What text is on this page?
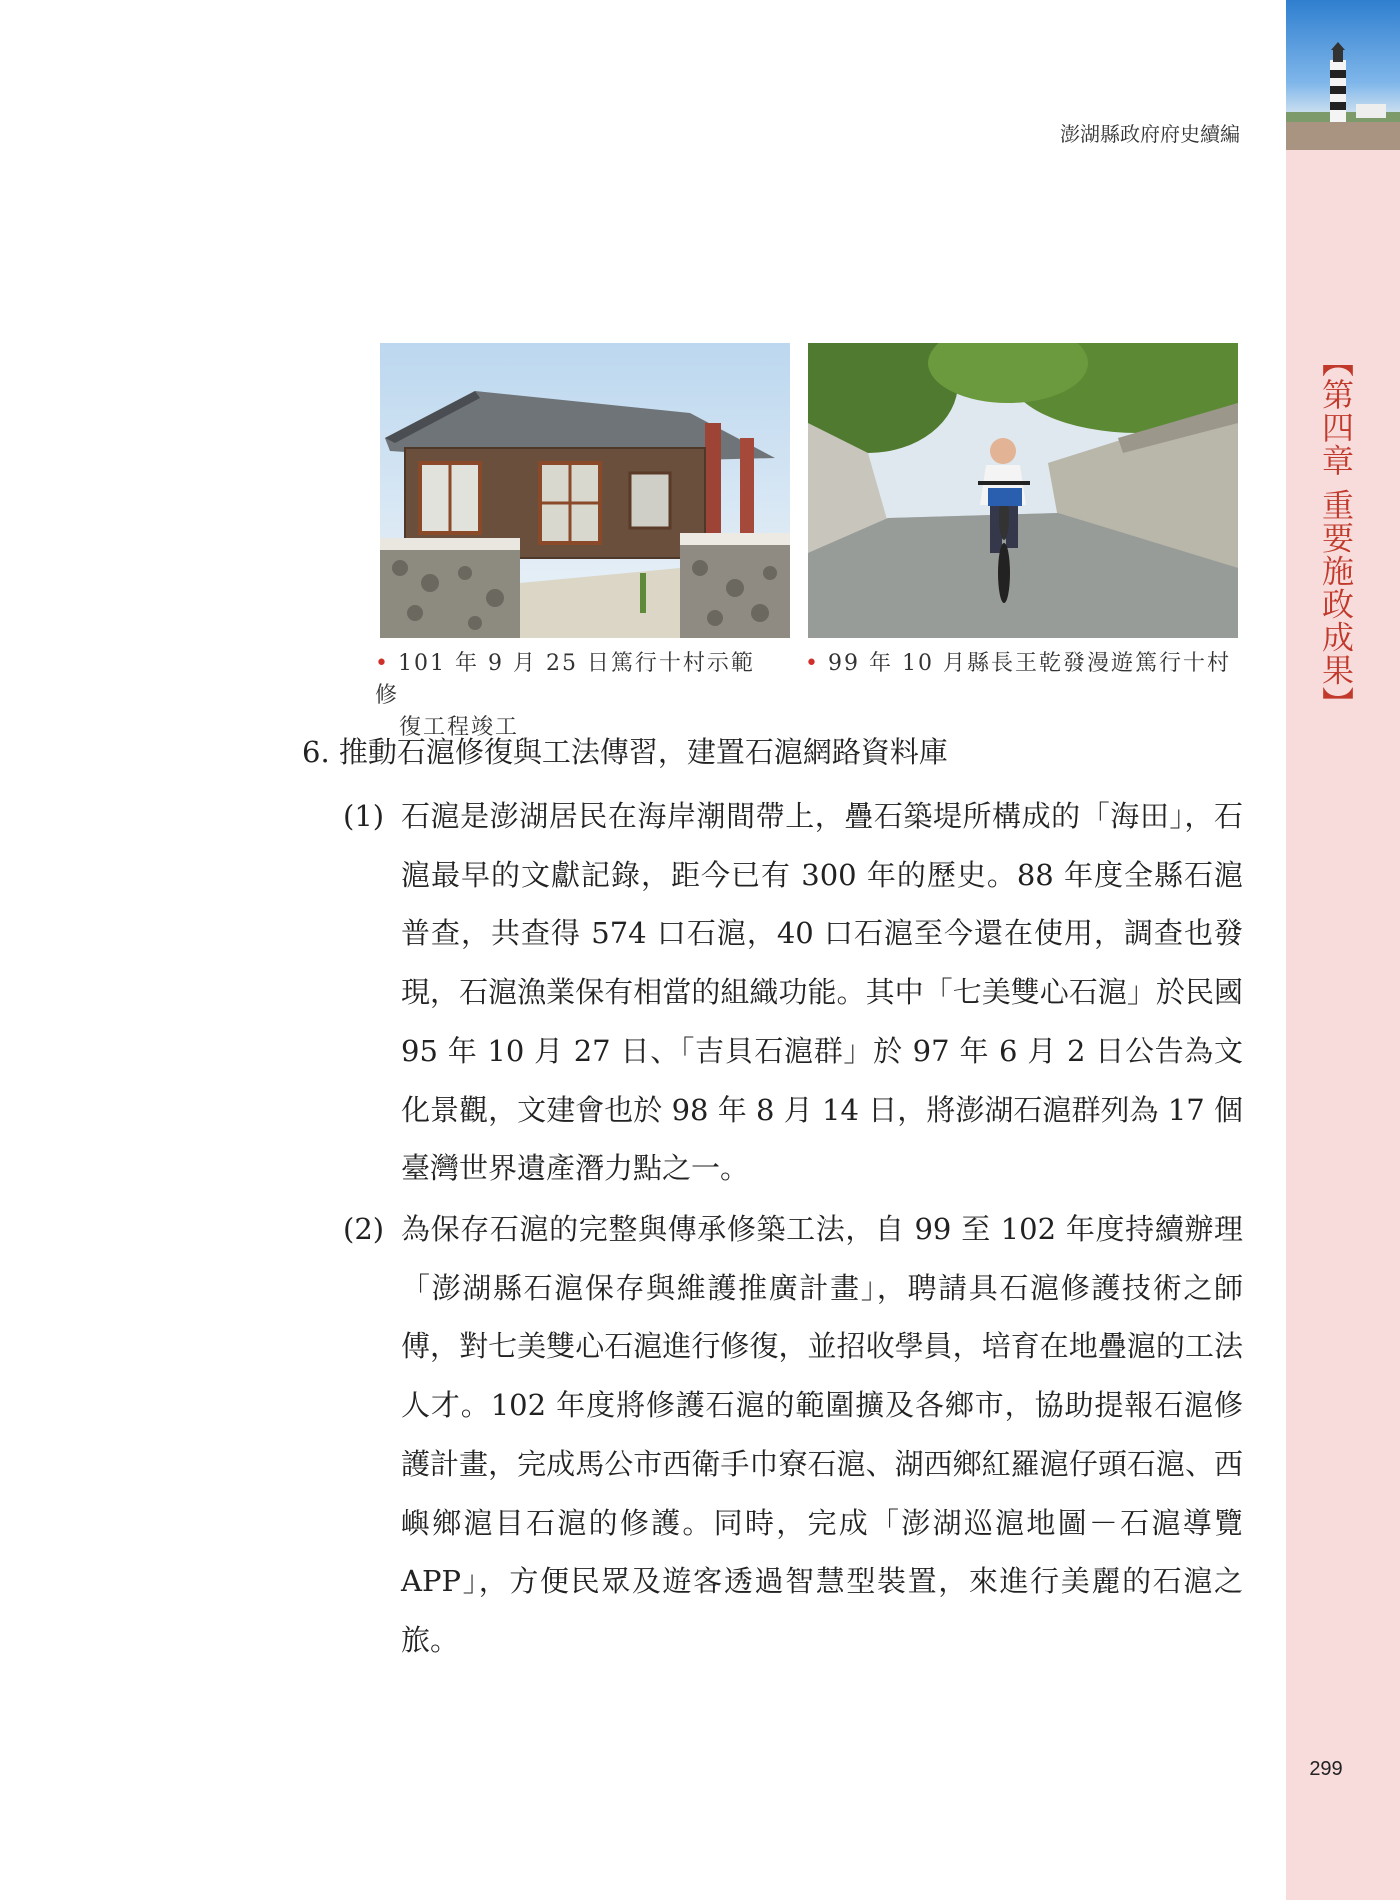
【第四章 重要施政成果】
299
澎湖縣政府府史續編
• 101 年 9 月 25 日篤行十村示範修
復工程竣工
• 99 年 10 月縣長王乾發漫遊篤行十村
6. 推動石滬修復與工法傳習，建置石滬網路資料庫
(1) 石滬是澎湖居民在海岸潮間帶上，疊石築堤所構成的「海田」，石滬最早的文獻記錄，距今已有 300 年的歷史。88 年度全縣石滬普查，共查得 574 口石滬，40 口石滬至今還在使用，調查也發現，石滬漁業保有相當的組織功能。其中「七美雙心石滬」於民國 95 年 10 月 27 日、「吉貝石滬群」於 97 年 6 月 2 日公告為文化景觀，文建會也於 98 年 8 月 14 日，將澎湖石滬群列為 17 個臺灣世界遺產潛力點之一。
(2) 為保存石滬的完整與傳承修築工法，自 99 至 102 年度持續辦理「澎湖縣石滬保存與維護推廣計畫」，聘請具石滬修護技術之師傅，對七美雙心石滬進行修復，並招收學員，培育在地疊滬的工法人才。102 年度將修護石滬的範圍擴及各鄉市，協助提報石滬修護計畫，完成馬公市西衛手巾寮石滬、湖西鄉紅羅滬仔頭石滬、西嶼鄉滬目石滬的修護。同時，完成「澎湖巡滬地圖－石滬導覽 APP」，方便民眾及遊客透過智慧型裝置，來進行美麗的石滬之旅。
